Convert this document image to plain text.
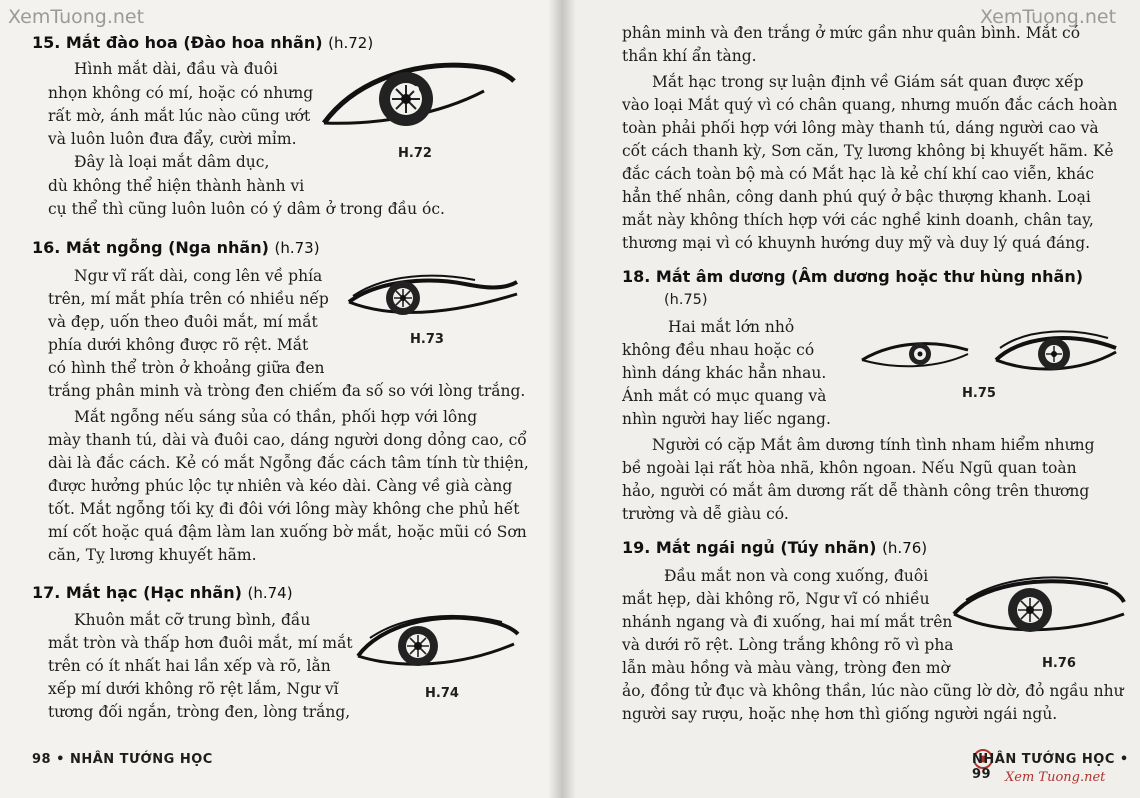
XemTuong.net	XemTuong.net
15. Mắt đào hoa (Đào hoa nhãn) (h.72)
Hình mắt dài, đầu và đuôi
nhọn không có mí, hoặc có nhưng
rất mờ, ánh mắt lúc nào cũng ướt
và luôn luôn đưa đẩy, cười mỉm.
Đây là loại mắt dâm dục,
dù không thể hiện thành hành vi
cụ thể thì cũng luôn luôn có ý dâm ở trong đầu óc.
H.72
16. Mắt ngỗng (Nga nhãn) (h.73)
Ngư vĩ rất dài, cong lên về phía
trên, mí mắt phía trên có nhiều nếp
và đẹp, uốn theo đuôi mắt, mí mắt
phía dưới không được rõ rệt. Mắt
có hình thể tròn ở khoảng giữa đen
trắng phân minh và tròng đen chiếm đa số so với lòng trắng.
Mắt ngỗng nếu sáng sủa có thần, phối hợp với lông
mày thanh tú, dài và đuôi cao, dáng người dong dỏng cao, cổ
dài là đắc cách. Kẻ có mắt Ngỗng đắc cách tâm tính từ thiện,
được hưởng phúc lộc tự nhiên và kéo dài. Càng về già càng
tốt. Mắt ngỗng tối kỵ đi đôi với lông mày không che phủ hết
mí cốt hoặc quá đậm làm lan xuống bờ mắt, hoặc mũi có Sơn
căn, Tỵ lương khuyết hãm.
H.73
17. Mắt hạc (Hạc nhãn) (h.74)
Khuôn mắt cỡ trung bình, đầu
mắt tròn và thấp hơn đuôi mắt, mí mắt
trên có ít nhất hai lần xếp và rõ, lằn
xếp mí dưới không rõ rệt lắm, Ngư vĩ
tương đối ngắn, tròng đen, lòng trắng,
H.74
98 • NHÂN TƯỚNG HỌC
phân minh và đen trắng ở mức gần như quân bình. Mắt có
thần khí ẩn tàng.
Mắt hạc trong sự luận định về Giám sát quan được xếp
vào loại Mắt quý vì có chân quang, nhưng muốn đắc cách hoàn
toàn phải phối hợp với lông mày thanh tú, dáng người cao và
cốt cách thanh kỳ, Sơn căn, Tỵ lương không bị khuyết hãm. Kẻ
đắc cách toàn bộ mà có Mắt hạc là kẻ chí khí cao viễn, khác
hẳn thế nhân, công danh phú quý ở bậc thượng khanh. Loại
mắt này không thích hợp với các nghề kinh doanh, chân tay,
thương mại vì có khuynh hướng duy mỹ và duy lý quá đáng.
18. Mắt âm dương (Âm dương hoặc thư hùng nhãn)
(h.75)
Hai mắt lớn nhỏ
không đều nhau hoặc có
hình dáng khác hẳn nhau.
Ánh mắt có mục quang và
nhìn người hay liếc ngang.
Người có cặp Mắt âm dương tính tình nham hiểm nhưng
bề ngoài lại rất hòa nhã, khôn ngoan. Nếu Ngũ quan toàn
hảo, người có mắt âm dương rất dễ thành công trên thương
trường và dễ giàu có.
H.75
19. Mắt ngái ngủ (Túy nhãn) (h.76)
Đầu mắt non và cong xuống, đuôi
mắt hẹp, dài không rõ, Ngư vĩ có nhiều
nhánh ngang và đi xuống, hai mí mắt trên
và dưới rõ rệt. Lòng trắng không rõ vì pha
lẫn màu hồng và màu vàng, tròng đen mờ
ảo, đồng tử đục và không thần, lúc nào cũng lờ dờ, đỏ ngầu như
người say rượu, hoặc nhẹ hơn thì giống người ngái ngủ.
H.76
NHÂN TƯỚNG HỌC • 99	Xem Tuong.net
